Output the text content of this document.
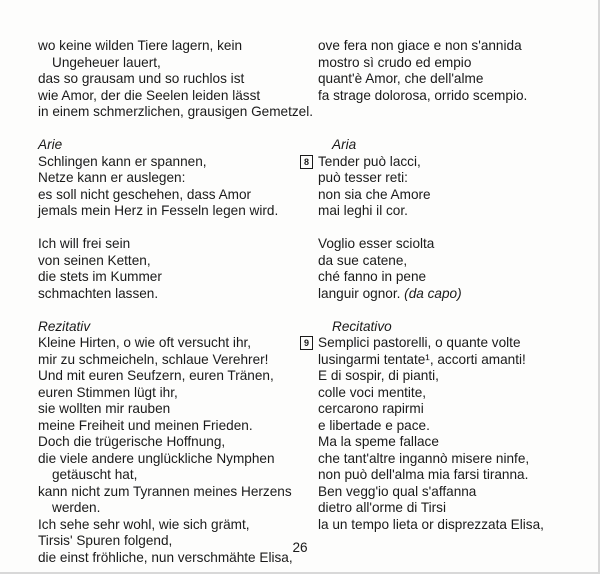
wo keine wilden Tiere lagern, kein
Ungeheuer lauert,
das so grausam und so ruchlos ist
wie Amor, der die Seelen leiden lässt
in einem schmerzlichen, grausigen Gemetzel.
Arie
Schlingen kann er spannen,
Netze kann er auslegen:
es soll nicht geschehen, dass Amor
jemals mein Herz in Fesseln legen wird.
Ich will frei sein
von seinen Ketten,
die stets im Kummer
schmachten lassen.
Rezitativ
Kleine Hirten, o wie oft versucht ihr,
mir zu schmeicheln, schlaue Verehrer!
Und mit euren Seufzern, euren Tränen,
euren Stimmen lügt ihr,
sie wollten mir rauben
meine Freiheit und meinen Frieden.
Doch die trügerische Hoffnung,
die viele andere unglückliche Nymphen
getäuscht hat,
kann nicht zum Tyrannen meines Herzens
werden.
Ich sehe sehr wohl, wie sich grämt,
Tirsis' Spuren folgend,
die einst fröhliche, nun verschmähte Elisa,
ove fera non giace e non s'annida
mostro sì crudo ed empio
quant'è Amor, che dell'alme
fa strage dolorosa, orrido scempio.
Aria
8 Tender può lacci,
può tesser reti:
non sia che Amore
mai leghi il cor.
Voglio esser sciolta
da sue catene,
ché fanno in pene
languir ognor. (da capo)
Recitativo
9 Semplici pastorelli, o quante volte
lusingarmi tentate¹, accorti amanti!
E di sospir, di pianti,
colle voci mentite,
cercarono rapirmi
e libertade e pace.
Ma la speme fallace
che tant'altre ingannò misere ninfe,
non può dell'alma mia farsi tiranna.
Ben vegg'io qual s'affanna
dietro all'orme di Tirsi
la un tempo lieta or disprezzata Elisa,
26
